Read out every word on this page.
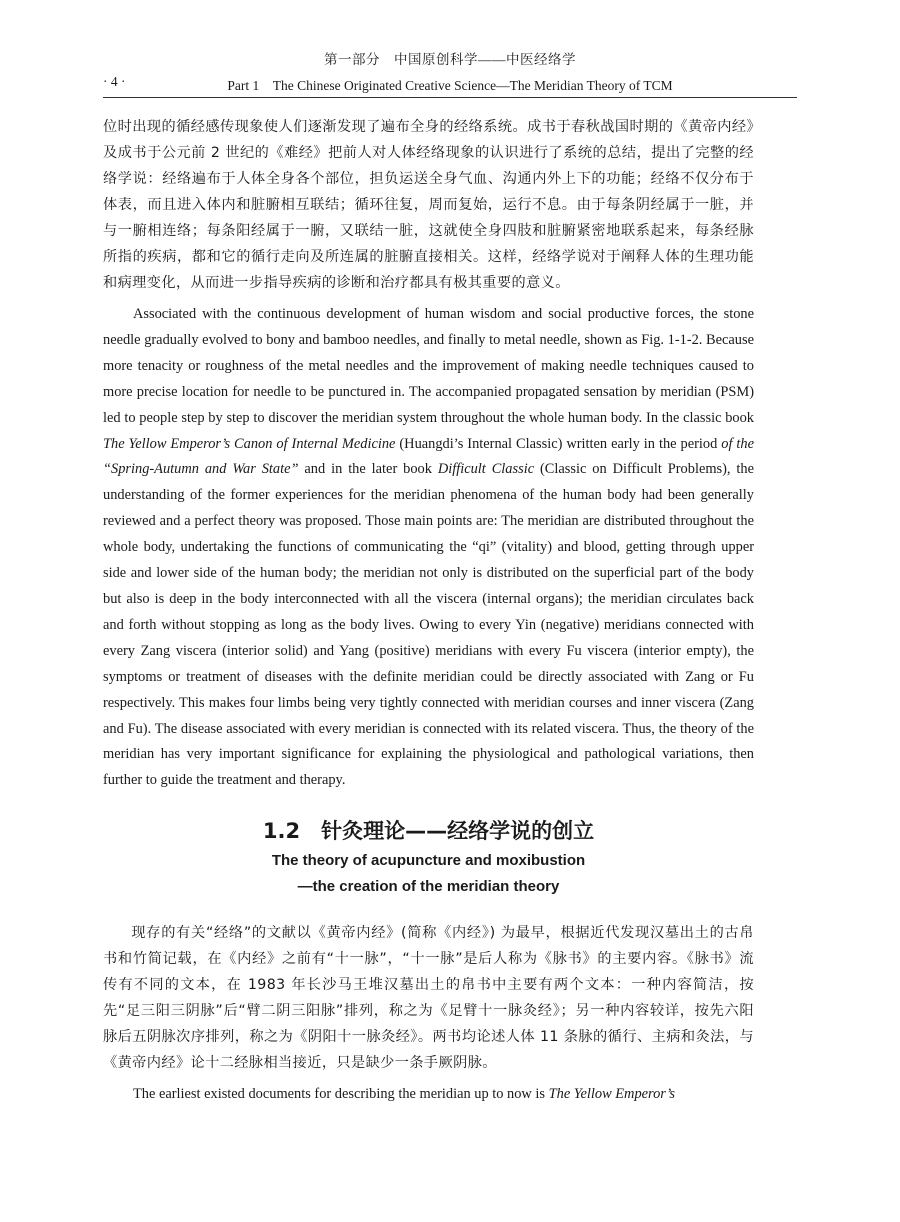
第一部分　中国原创科学——中医经络学
· 4 ·	Part 1　The Chinese Originated Creative Science—The Meridian Theory of TCM

位时出现的循经感传现象使人们逐渐发现了遍布全身的经络系统。成书于春秋战国时期的《黄帝内经》及成书于公元前 2 世纪的《难经》把前人对人体经络现象的认识进行了系统的总结，提出了完整的经络学说：经络遍布于人体全身各个部位，担负运送全身气血、沟通内外上下的功能；经络不仅分布于体表，而且进入体内和脏腑相互联结；循环往复，周而复始，运行不息。由于每条阴经属于一脏，并与一腑相连络；每条阳经属于一腑，又联结一脏，这就使全身四肢和脏腑紧密地联系起来，每条经脉所指的疾病，都和它的循行走向及所连属的脏腑直接相关。这样，经络学说对于阐释人体的生理功能和病理变化，从而进一步指导疾病的诊断和治疗都具有极其重要的意义。

Associated with the continuous development of human wisdom and social productive forces, the stone needle gradually evolved to bony and bamboo needles, and finally to metal needle, shown as Fig. 1-1-2. Because more tenacity or roughness of the metal needles and the improvement of making needle techniques caused to more precise location for needle to be punctured in. The accompanied propagated sensation by meridian (PSM) led to people step by step to discover the meridian system throughout the whole human body. In the classic book The Yellow Emperor’s Canon of Internal Medicine (Huangdi’s Internal Classic) written early in the period of the “Spring-Autumn and War State” and in the later book Difficult Classic (Classic on Difficult Problems), the understanding of the former experiences for the meridian phenomena of the human body had been generally reviewed and a perfect theory was proposed. Those main points are: The meridian are distributed throughout the whole body, undertaking the functions of communicating the “qi” (vitality) and blood, getting through upper side and lower side of the human body; the meridian not only is distributed on the superficial part of the body but also is deep in the body interconnected with all the viscera (internal organs); the meridian circulates back and forth without stopping as long as the body lives. Owing to every Yin (negative) meridians connected with every Zang viscera (interior solid) and Yang (positive) meridians with every Fu viscera (interior empty), the symptoms or treatment of diseases with the definite meridian could be directly associated with Zang or Fu respectively. This makes four limbs being very tightly connected with meridian courses and inner viscera (Zang and Fu). The disease associated with every meridian is connected with its related viscera. Thus, the theory of the meridian has very important significance for explaining the physiological and pathological variations, then further to guide the treatment and therapy.

1.2　针灸理论——经络学说的创立
The theory of acupuncture and moxibustion
—the creation of the meridian theory

现存的有关“经络”的文献以《黄帝内经》(简称《内经》) 为最早，根据近代发现汉墓出土的古帛书和竹简记载，在《内经》之前有“十一脉”，“十一脉”是后人称为《脉书》的主要内容。《脉书》流传有不同的文本，在 1983 年长沙马王堆汉墓出土的帛书中主要有两个文本：一种内容简洁，按先“足三阳三阴脉”后“臂二阴三阳脉”排列，称之为《足臂十一脉灸经》；另一种内容较详，按先六阳脉后五阴脉次序排列，称之为《阴阳十一脉灸经》。两书均论述人体 11 条脉的循行、主病和灸法，与《黄帝内经》论十二经脉相当接近，只是缺少一条手厥阴脉。

The earliest existed documents for describing the meridian up to now is The Yellow Emperor’s
